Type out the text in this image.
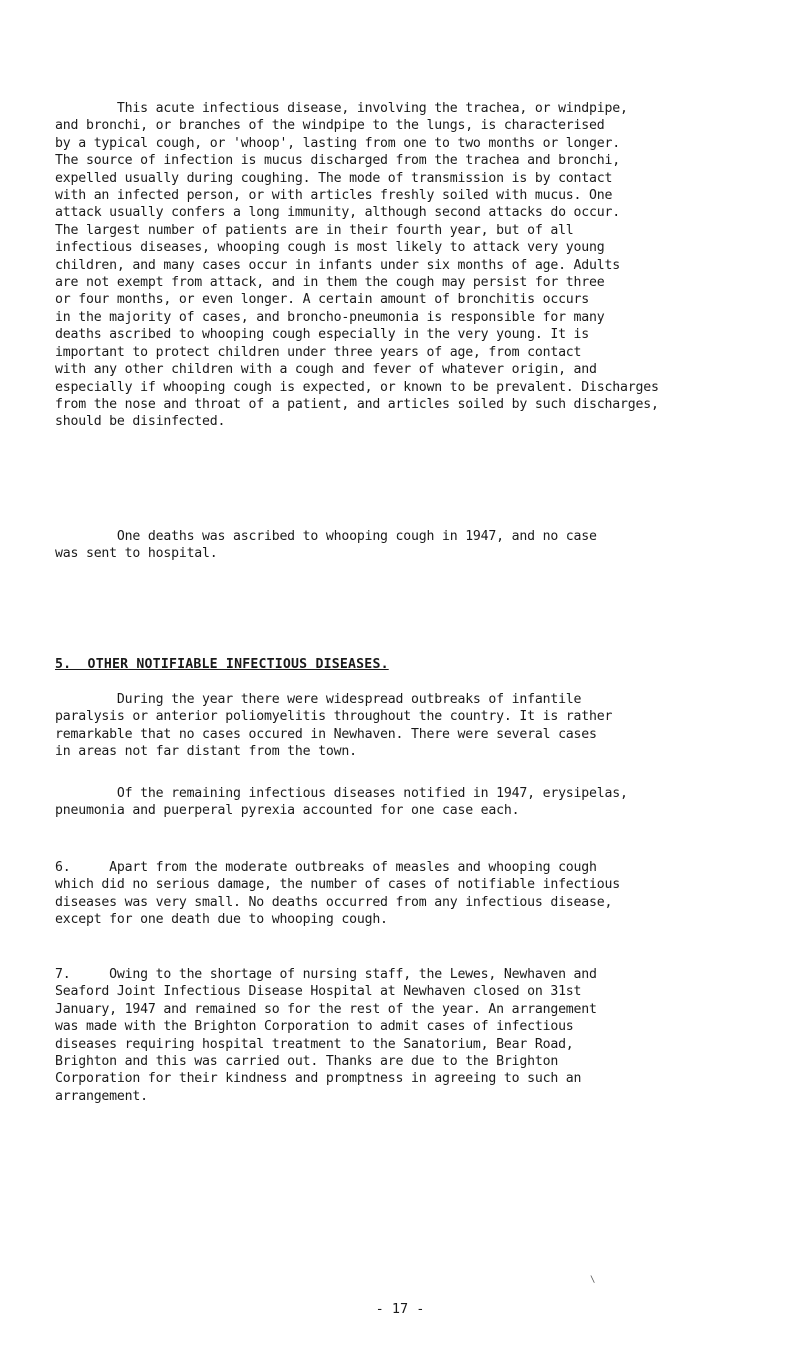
This acute infectious disease, involving the trachea, or windpipe,
and bronchi, or branches of the windpipe to the lungs, is characterised
by a typical cough, or 'whoop', lasting from one to two months or longer.
The source of infection is mucus discharged from the trachea and bronchi,
expelled usually during coughing. The mode of transmission is by contact
with an infected person, or with articles freshly soiled with mucus. One
attack usually confers a long immunity, although second attacks do occur.
The largest number of patients are in their fourth year, but of all
infectious diseases, whooping cough is most likely to attack very young
children, and many cases occur in infants under six months of age. Adults
are not exempt from attack, and in them the cough may persist for three
or four months, or even longer. A certain amount of bronchitis occurs
in the majority of cases, and broncho-pneumonia is responsible for many
deaths ascribed to whooping cough especially in the very young. It is
important to protect children under three years of age, from contact
with any other children with a cough and fever of whatever origin, and
especially if whooping cough is expected, or known to be prevalent. Discharges
from the nose and throat of a patient, and articles soiled by such discharges,
should be disinfected.
One deaths was ascribed to whooping cough in 1947, and no case
was sent to hospital.

5.  OTHER NOTIFIABLE INFECTIOUS DISEASES.

During the year there were widespread outbreaks of infantile
paralysis or anterior poliomyelitis throughout the country. It is rather
remarkable that no cases occured in Newhaven. There were several cases
in areas not far distant from the town.
Of the remaining infectious diseases notified in 1947, erysipelas,
pneumonia and puerperal pyrexia accounted for one case each.
6.     Apart from the moderate outbreaks of measles and whooping cough
which did no serious damage, the number of cases of notifiable infectious
diseases was very small. No deaths occurred from any infectious disease,
except for one death due to whooping cough.
7.     Owing to the shortage of nursing staff, the Lewes, Newhaven and
Seaford Joint Infectious Disease Hospital at Newhaven closed on 31st
January, 1947 and remained so for the rest of the year. An arrangement
was made with the Brighton Corporation to admit cases of infectious
diseases requiring hospital treatment to the Sanatorium, Bear Road,
Brighton and this was carried out. Thanks are due to the Brighton
Corporation for their kindness and promptness in agreeing to such an
arrangement.
\

- 17 -
